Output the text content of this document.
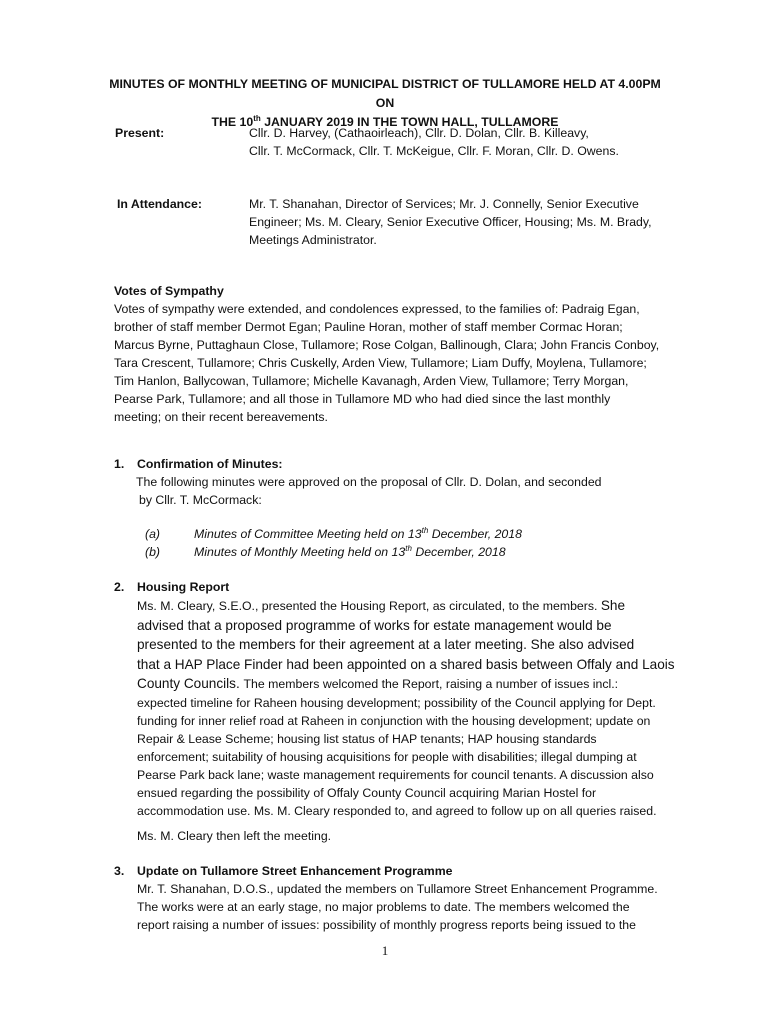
MINUTES OF MONTHLY MEETING OF MUNICIPAL DISTRICT OF TULLAMORE HELD AT 4.00PM ON
THE 10th JANUARY 2019 IN THE TOWN HALL, TULLAMORE
Present:	Cllr. D. Harvey, (Cathaoirleach), Cllr. D. Dolan, Cllr. B. Killeavy,
Cllr. T. McCormack, Cllr. T. McKeigue, Cllr. F. Moran, Cllr. D. Owens.
In Attendance:	Mr. T. Shanahan, Director of Services; Mr. J. Connelly, Senior Executive
Engineer; Ms. M. Cleary, Senior Executive Officer, Housing; Ms. M. Brady,
Meetings Administrator.
Votes of Sympathy
Votes of sympathy were extended, and condolences expressed, to the families of: Padraig Egan,
brother of staff member Dermot Egan; Pauline Horan, mother of staff member Cormac Horan;
Marcus Byrne, Puttaghaun Close, Tullamore; Rose Colgan, Ballinough, Clara; John Francis Conboy,
Tara Crescent, Tullamore; Chris Cuskelly, Arden View, Tullamore; Liam Duffy, Moylena, Tullamore;
Tim Hanlon, Ballycowan, Tullamore; Michelle Kavanagh, Arden View, Tullamore; Terry Morgan,
Pearse Park, Tullamore; and all those in Tullamore MD who had died since the last monthly
meeting; on their recent bereavements.
1. Confirmation of Minutes:
The following minutes were approved on the proposal of Cllr. D. Dolan, and seconded
by Cllr. T. McCormack:
(a)	Minutes of Committee Meeting held on 13th December, 2018
(b)	Minutes of Monthly Meeting held on 13th December, 2018
2. Housing Report
Ms. M. Cleary, S.E.O., presented the Housing Report, as circulated, to the members. She
advised that a proposed programme of works for estate management would be
presented to the members for their agreement at a later meeting. She also advised
that a HAP Place Finder had been appointed on a shared basis between Offaly and Laois
County Councils. The members welcomed the Report, raising a number of issues incl.:
expected timeline for Raheen housing development; possibility of the Council applying for Dept.
funding for inner relief road at Raheen in conjunction with the housing development; update on
Repair & Lease Scheme; housing list status of HAP tenants; HAP housing standards
enforcement; suitability of housing acquisitions for people with disabilities; illegal dumping at
Pearse Park back lane; waste management requirements for council tenants. A discussion also
ensued regarding the possibility of Offaly County Council acquiring Marian Hostel for
accommodation use. Ms. M. Cleary responded to, and agreed to follow up on all queries raised.
Ms. M. Cleary then left the meeting.
3. Update on Tullamore Street Enhancement Programme
Mr. T. Shanahan, D.O.S., updated the members on Tullamore Street Enhancement Programme.
The works were at an early stage, no major problems to date. The members welcomed the
report raising a number of issues: possibility of monthly progress reports being issued to the
1
